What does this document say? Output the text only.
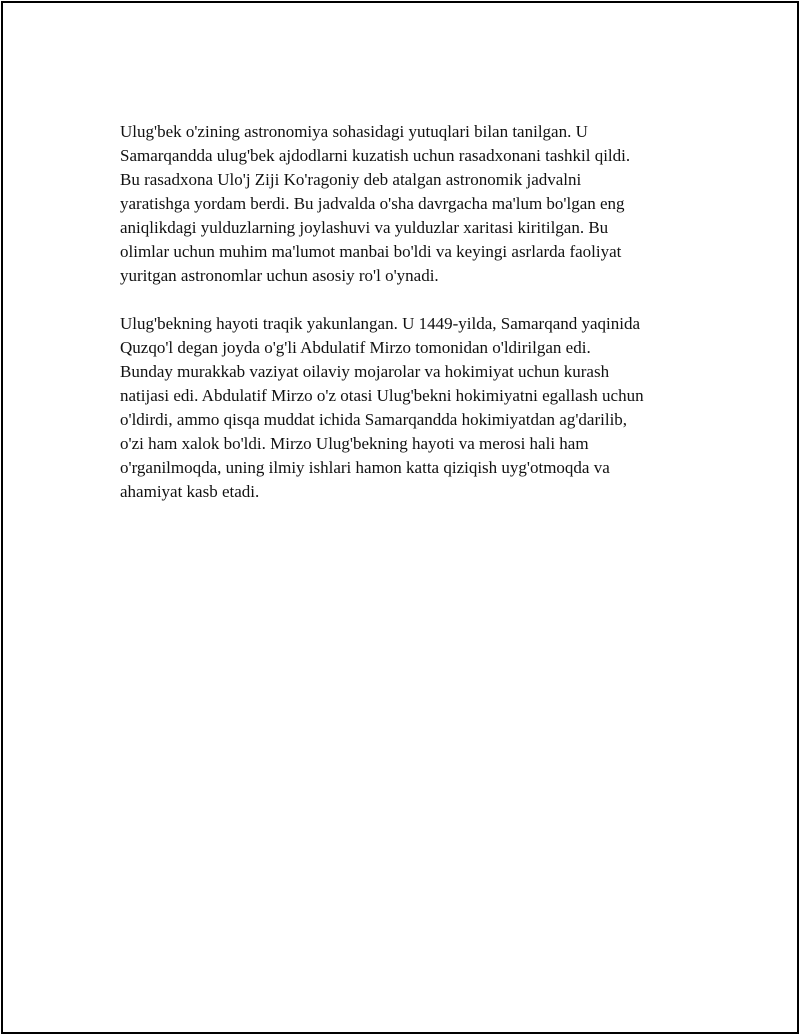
Ulug'bek o'zining astronomiya sohasidagi yutuqlari bilan tanilgan. U
Samarqandda ulug'bek ajdodlarni kuzatish uchun rasadxonani tashkil qildi.
Bu rasadxona Ulo'j Ziji Ko'ragoniy deb atalgan astronomik jadvalni
yaratishga yordam berdi. Bu jadvalda o'sha davrgacha ma'lum bo'lgan eng
aniqlikdagi yulduzlarning joylashuvi va yulduzlar xaritasi kiritilgan. Bu
olimlar uchun muhim ma'lumot manbai bo'ldi va keyingi asrlarda faoliyat
yuritgan astronomlar uchun asosiy ro'l o'ynadi.

Ulug'bekning hayoti traqik yakunlangan. U 1449-yilda, Samarqand yaqinida
Quzqo'l degan joyda o'g'li Abdulatif Mirzo tomonidan o'ldirilgan edi.
Bunday murakkab vaziyat oilaviy mojarolar va hokimiyat uchun kurash
natijasi edi. Abdulatif Mirzo o'z otasi Ulug'bekni hokimiyatni egallash uchun
o'ldirdi, ammo qisqa muddat ichida Samarqandda hokimiyatdan ag'darilib,
o'zi ham xalok bo'ldi. Mirzo Ulug'bekning hayoti va merosi hali ham
o'rganilmoqda, uning ilmiy ishlari hamon katta qiziqish uyg'otmoqda va
ahamiyat kasb etadi.
